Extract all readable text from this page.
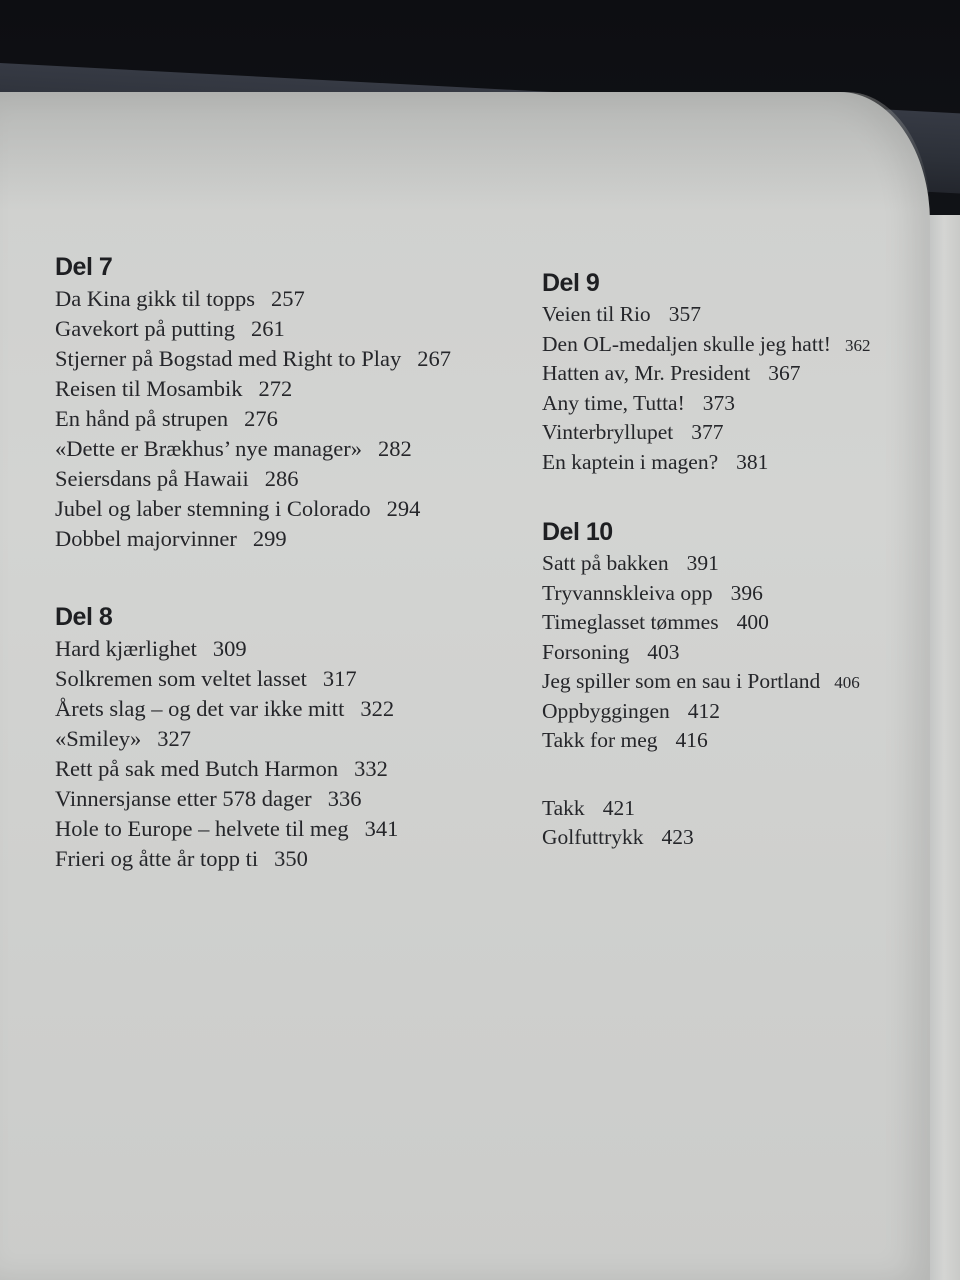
Del 7
Da Kina gikk til topps 257
Gavekort på putting 261
Stjerner på Bogstad med Right to Play 267
Reisen til Mosambik 272
En hånd på strupen 276
«Dette er Brækhus’ nye manager» 282
Seiersdans på Hawaii 286
Jubel og laber stemning i Colorado 294
Dobbel majorvinner 299
Del 8
Hard kjærlighet 309
Solkremen som veltet lasset 317
Årets slag – og det var ikke mitt 322
«Smiley» 327
Rett på sak med Butch Harmon 332
Vinnersjanse etter 578 dager 336
Hole to Europe – helvete til meg 341
Frieri og åtte år topp ti 350
Del 9
Veien til Rio 357
Den OL-medaljen skulle jeg hatt! 362
Hatten av, Mr. President 367
Any time, Tutta! 373
Vinterbryllupet 377
En kaptein i magen? 381
Del 10
Satt på bakken 391
Tryvannskleiva opp 396
Timeglasset tømmes 400
Forsoning 403
Jeg spiller som en sau i Portland 406
Oppbyggingen 412
Takk for meg 416
Takk 421
Golfuttrykk 423
